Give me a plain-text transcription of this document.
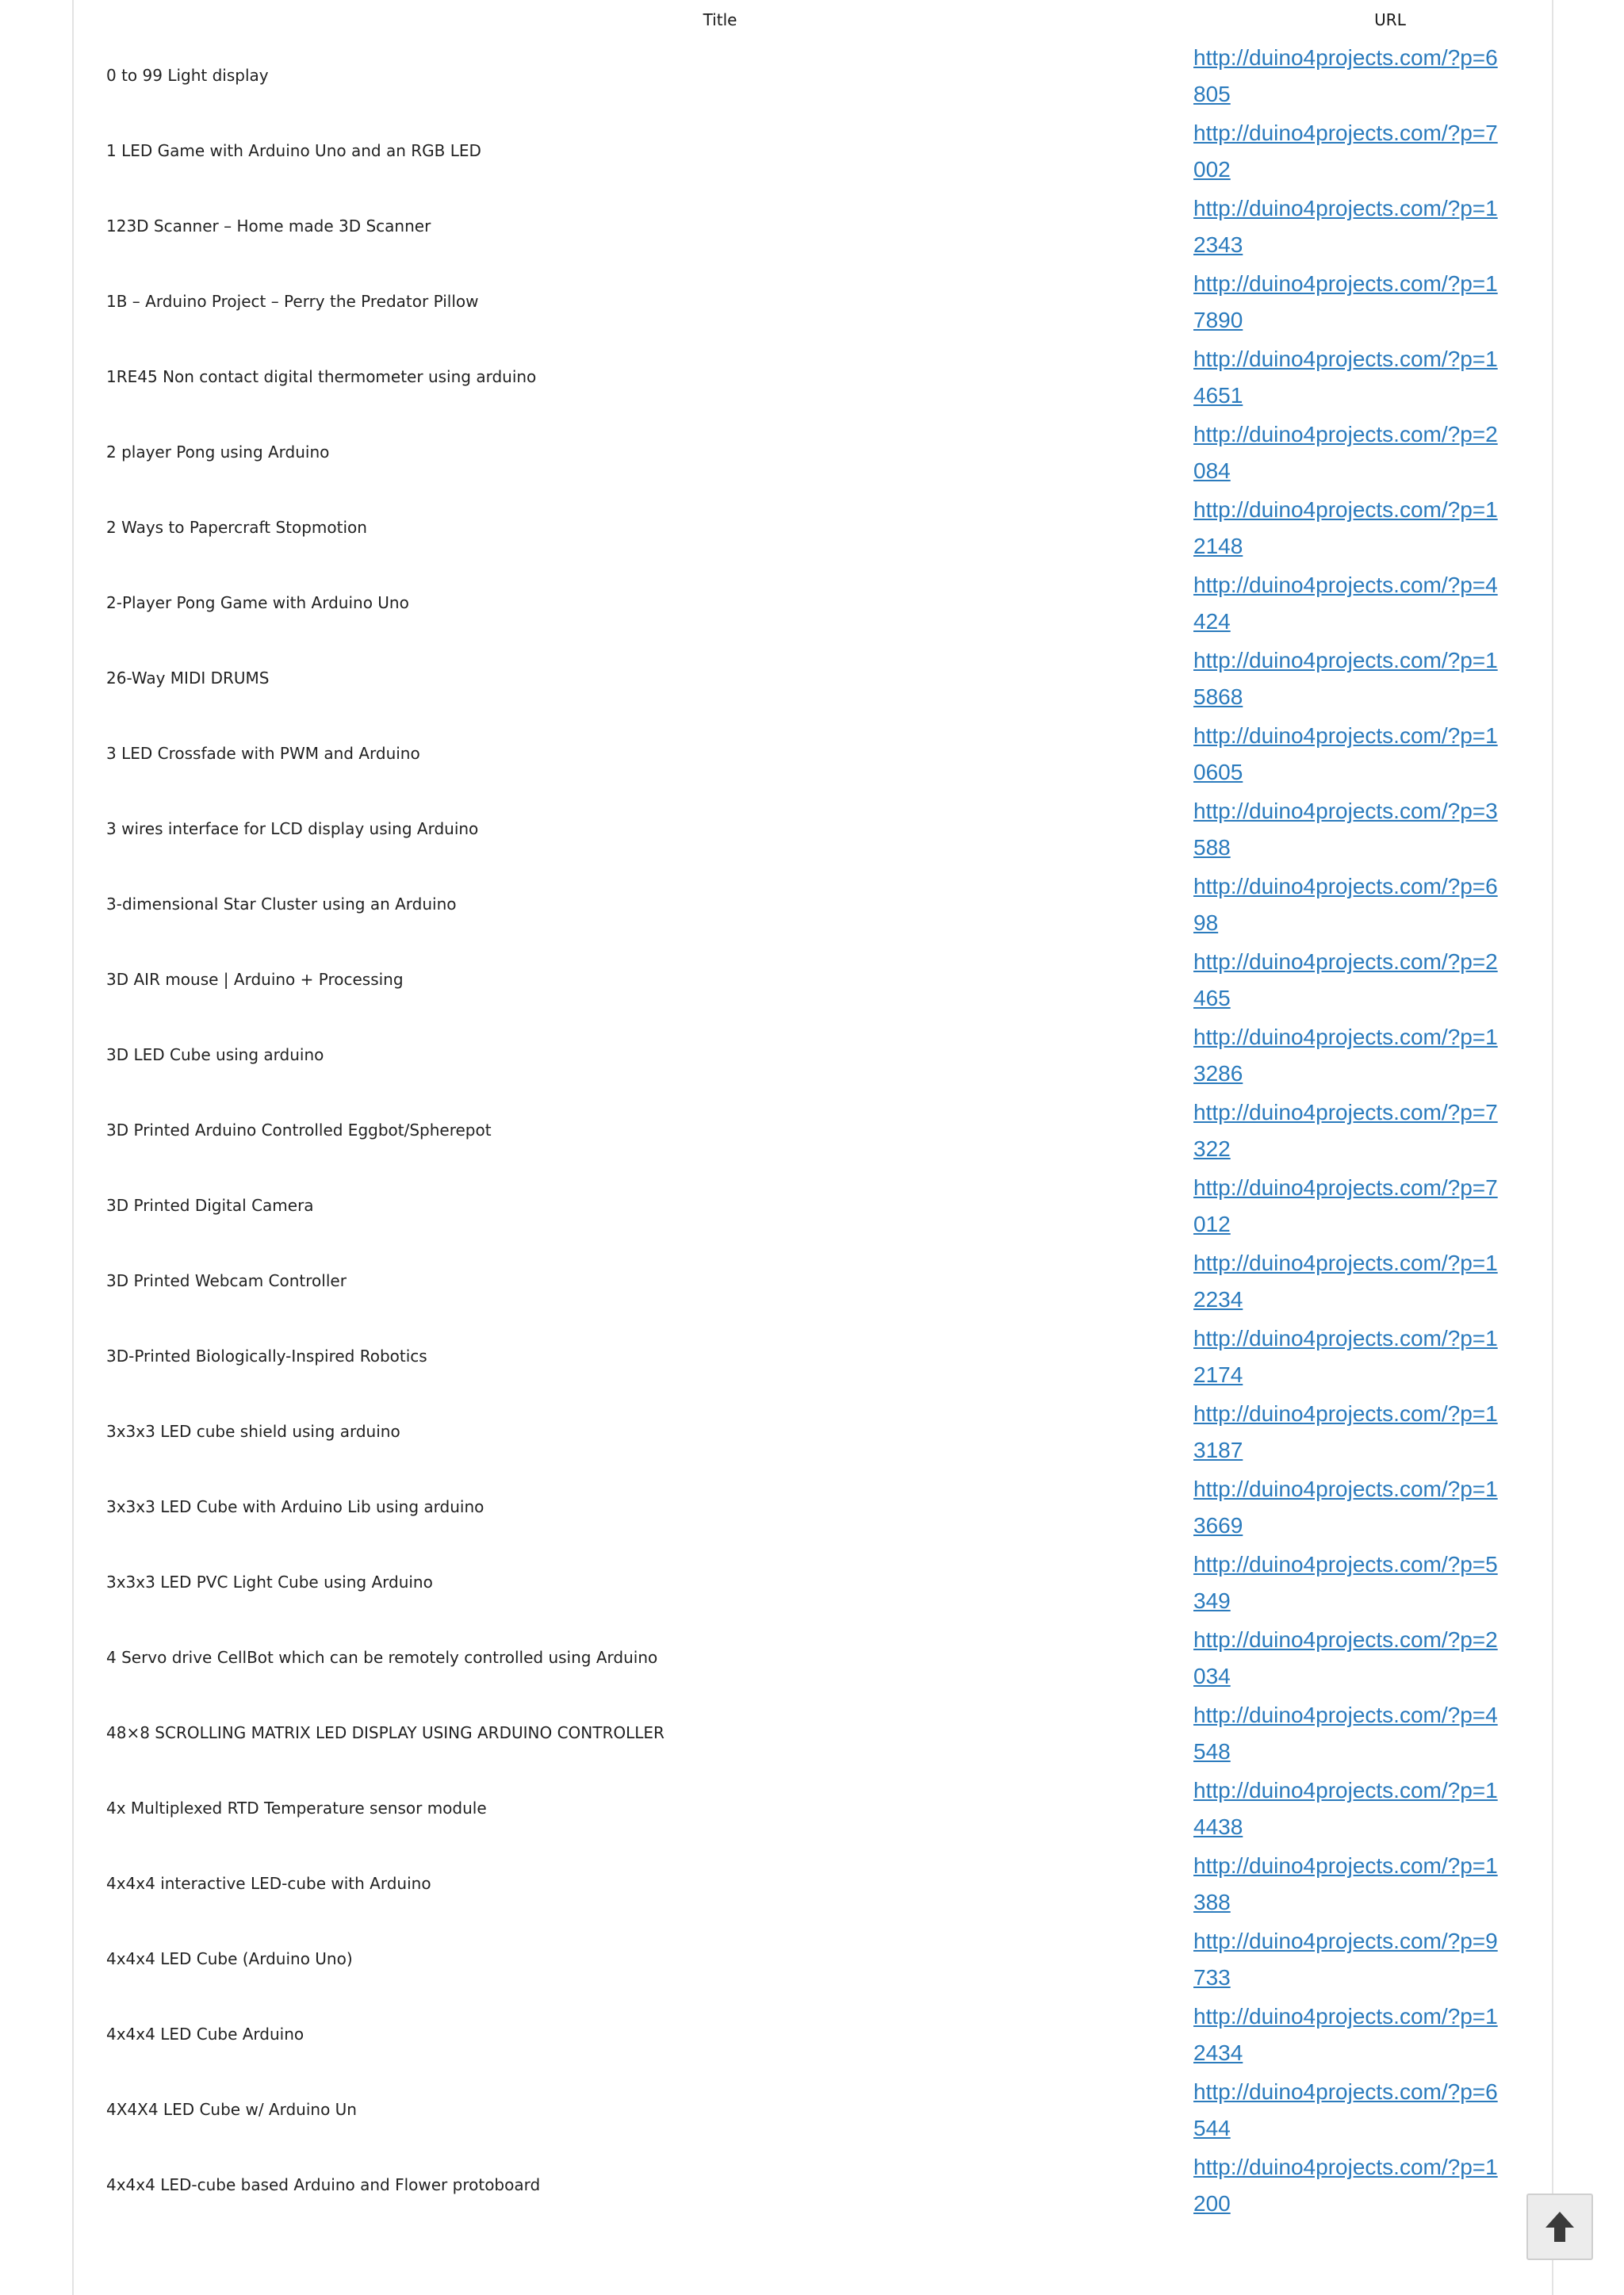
Title	URL
0 to 99 Light display
http://duino4projects.com/?p=6805
1 LED Game with Arduino Uno and an RGB LED
http://duino4projects.com/?p=7002
123D Scanner – Home made 3D Scanner
http://duino4projects.com/?p=12343
1B – Arduino Project – Perry the Predator Pillow
http://duino4projects.com/?p=17890
1RE45 Non contact digital thermometer using arduino
http://duino4projects.com/?p=14651
2 player Pong using Arduino
http://duino4projects.com/?p=2084
2 Ways to Papercraft Stopmotion
http://duino4projects.com/?p=12148
2-Player Pong Game with Arduino Uno
http://duino4projects.com/?p=4424
26-Way MIDI DRUMS
http://duino4projects.com/?p=15868
3 LED Crossfade with PWM and Arduino
http://duino4projects.com/?p=10605
3 wires interface for LCD display using Arduino
http://duino4projects.com/?p=3588
3-dimensional Star Cluster using an Arduino
http://duino4projects.com/?p=698
3D AIR mouse | Arduino + Processing
http://duino4projects.com/?p=2465
3D LED Cube using arduino
http://duino4projects.com/?p=13286
3D Printed Arduino Controlled Eggbot/Spherepot
http://duino4projects.com/?p=7322
3D Printed Digital Camera
http://duino4projects.com/?p=7012
3D Printed Webcam Controller
http://duino4projects.com/?p=12234
3D-Printed Biologically-Inspired Robotics
http://duino4projects.com/?p=12174
3x3x3 LED cube shield using arduino
http://duino4projects.com/?p=13187
3x3x3 LED Cube with Arduino Lib using arduino
http://duino4projects.com/?p=13669
3x3x3 LED PVC Light Cube using Arduino
http://duino4projects.com/?p=5349
4 Servo drive CellBot which can be remotely controlled using Arduino
http://duino4projects.com/?p=2034
48×8 SCROLLING MATRIX LED DISPLAY USING ARDUINO CONTROLLER
http://duino4projects.com/?p=4548
4x Multiplexed RTD Temperature sensor module
http://duino4projects.com/?p=14438
4x4x4 interactive LED-cube with Arduino
http://duino4projects.com/?p=1388
4x4x4 LED Cube (Arduino Uno)
http://duino4projects.com/?p=9733
4x4x4 LED Cube Arduino
http://duino4projects.com/?p=12434
4X4X4 LED Cube w/ Arduino Un
http://duino4projects.com/?p=6544
4x4x4 LED-cube based Arduino and Flower protoboard
http://duino4projects.com/?p=1200
